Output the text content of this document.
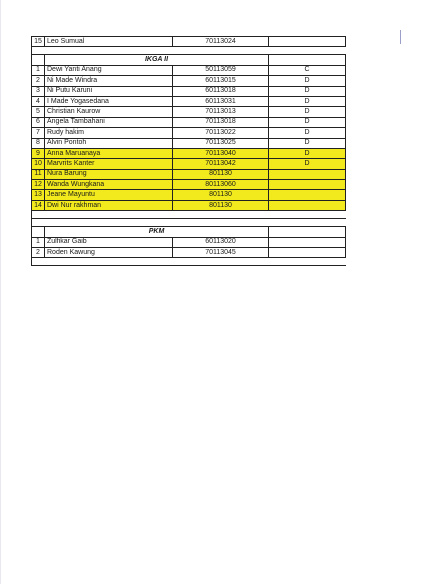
15	Leo Sumual	70113024	

	IKGA II		
1	Dewi Yanti Anang	50113059	C
2	Ni Made Windra	60113015	D
3	Ni Putu Karuni	60113018	D
4	I Made Yogasedana	60113031	D
5	Christian Kaurow	70113013	D
6	Angela Tambahani	70113018	D
7	Rudy hakim	70113022	D
8	Alvin Pontoh	70113025	D
9	Anna Maruanaya	70113040	D
10	Marvrits Kanter	70113042	D
11	Nura Barung	801130	
12	Wanda Wungkana	80113060	
13	Jeane Mayuntu	801130	
14	Dwi Nur rakhman	801130	

	PKM		
1	Zulfikar Gaib	60113020	
2	Roden Kawung	70113045	
